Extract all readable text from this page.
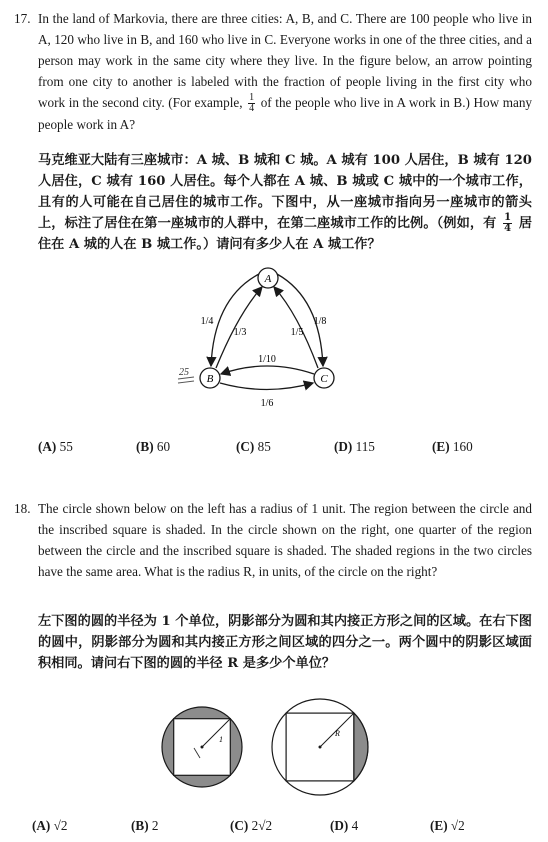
17. In the land of Markovia, there are three cities: A, B, and C. There are 100 people who live in A, 120 who live in B, and 160 who live in C. Everyone works in one of the three cities, and a person may work in the same city where they live. In the figure below, an arrow pointing from one city to another is labeled with the fraction of people living in the first city who work in the second city. (For example, $\frac{1}{4}$ of the people who live in A work in B.) How many people work in A?
马克维亚大陆有三座城市：A 城、B 城和 C 城。A 城有 100 人居住，B 城有 120 人居住，C 城有 160 人居住。每个人都在 A 城、B 城或 C 城中的一个城市工作，且有的人可能在自己居住的城市工作。下图中，从一座城市指向另一座城市的箭头上，标注了居住在第一座城市的人群中，在第二座城市工作的比例。（例如，有 $\frac{1}{4}$ 居住在 A 城的人在 B 城工作。）请问有多少人在 A 城工作？
A
B	C
1/4
1/3	1/5
1/8
1/10
1/6
25
(A) 55	(B) 60	(C) 85	(D) 115	(E) 160
18. The circle shown below on the left has a radius of 1 unit. The region between the circle and the inscribed square is shaded. In the circle shown on the right, one quarter of the region between the circle and the inscribed square is shaded. The shaded regions in the two circles have the same area. What is the radius R, in units, of the circle on the right?
左下图的圆的半径为 1 个单位，阴影部分为圆和其内接正方形之间的区域。在右下图的圆中，阴影部分为圆和其内接正方形之间区域的四分之一。两个圆中的阴影区域面积相同。请问右下图的圆的半径 R 是多少个单位？
1
R
(A) √2	(B) 2	(C) 2√2	(D) 4	(E) √2
